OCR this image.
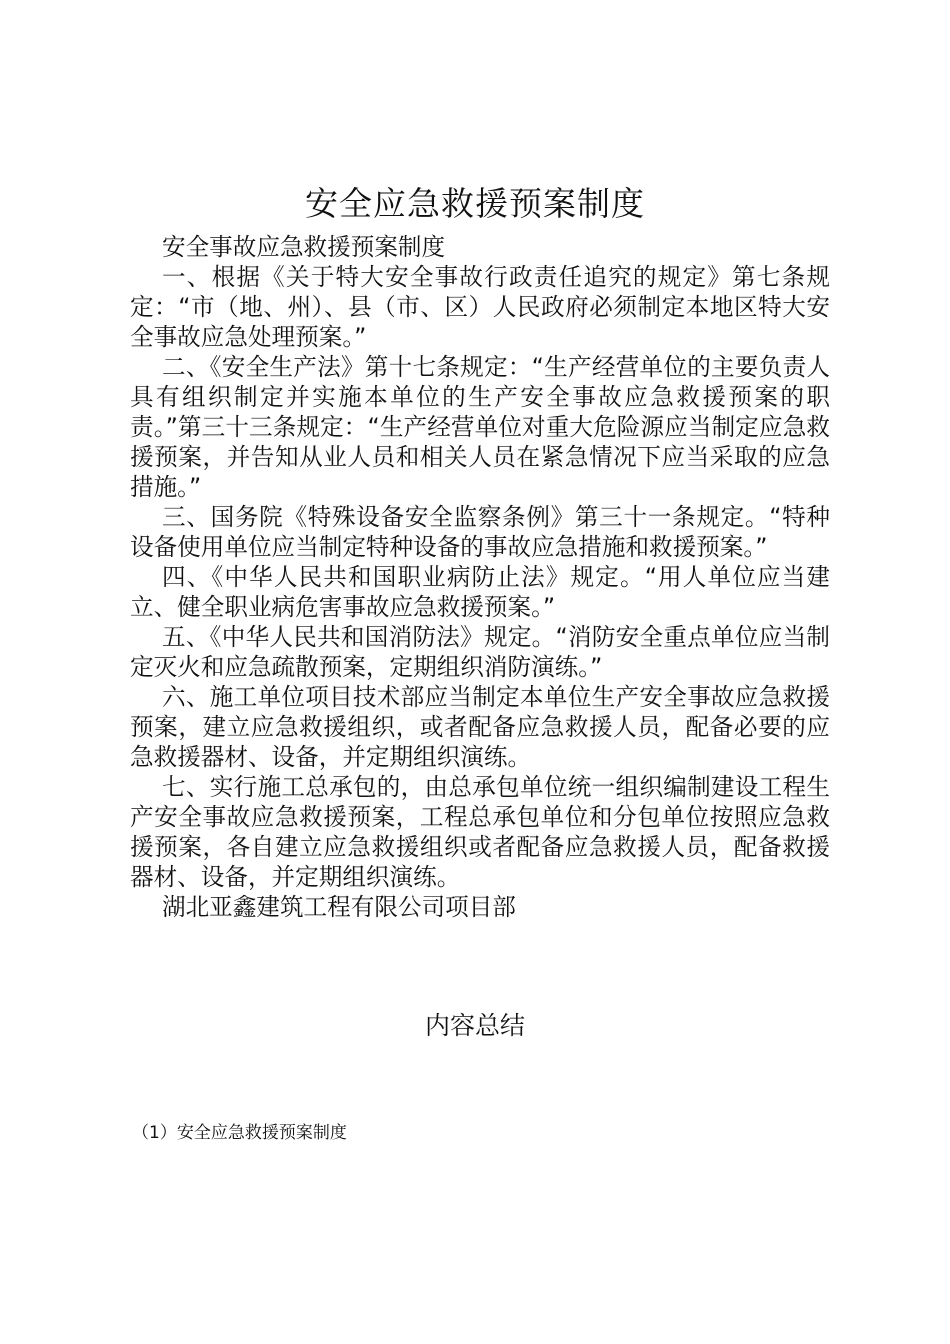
安全应急救援预案制度

安全事故应急救援预案制度

一、根据《关于特大安全事故行政责任追究的规定》第七条规定：“市（地、州）、县（市、区）人民政府必须制定本地区特大安全事故应急处理预案。”

二、《安全生产法》第十七条规定：“生产经营单位的主要负责人具有组织制定并实施本单位的生产安全事故应急救援预案的职责。”第三十三条规定：“生产经营单位对重大危险源应当制定应急救援预案，并告知从业人员和相关人员在紧急情况下应当采取的应急措施。”

三、国务院《特殊设备安全监察条例》第三十一条规定。“特种设备使用单位应当制定特种设备的事故应急措施和救援预案。”

四、《中华人民共和国职业病防止法》规定。“用人单位应当建立、健全职业病危害事故应急救援预案。”

五、《中华人民共和国消防法》规定。“消防安全重点单位应当制定灭火和应急疏散预案，定期组织消防演练。”

六、施工单位项目技术部应当制定本单位生产安全事故应急救援预案，建立应急救援组织，或者配备应急救援人员，配备必要的应急救援器材、设备，并定期组织演练。

七、实行施工总承包的，由总承包单位统一组织编制建设工程生产安全事故应急救援预案，工程总承包单位和分包单位按照应急救援预案，各自建立应急救援组织或者配备应急救援人员，配备救援器材、设备，并定期组织演练。

湖北亚鑫建筑工程有限公司项目部

内容总结
（1）安全应急救援预案制度
